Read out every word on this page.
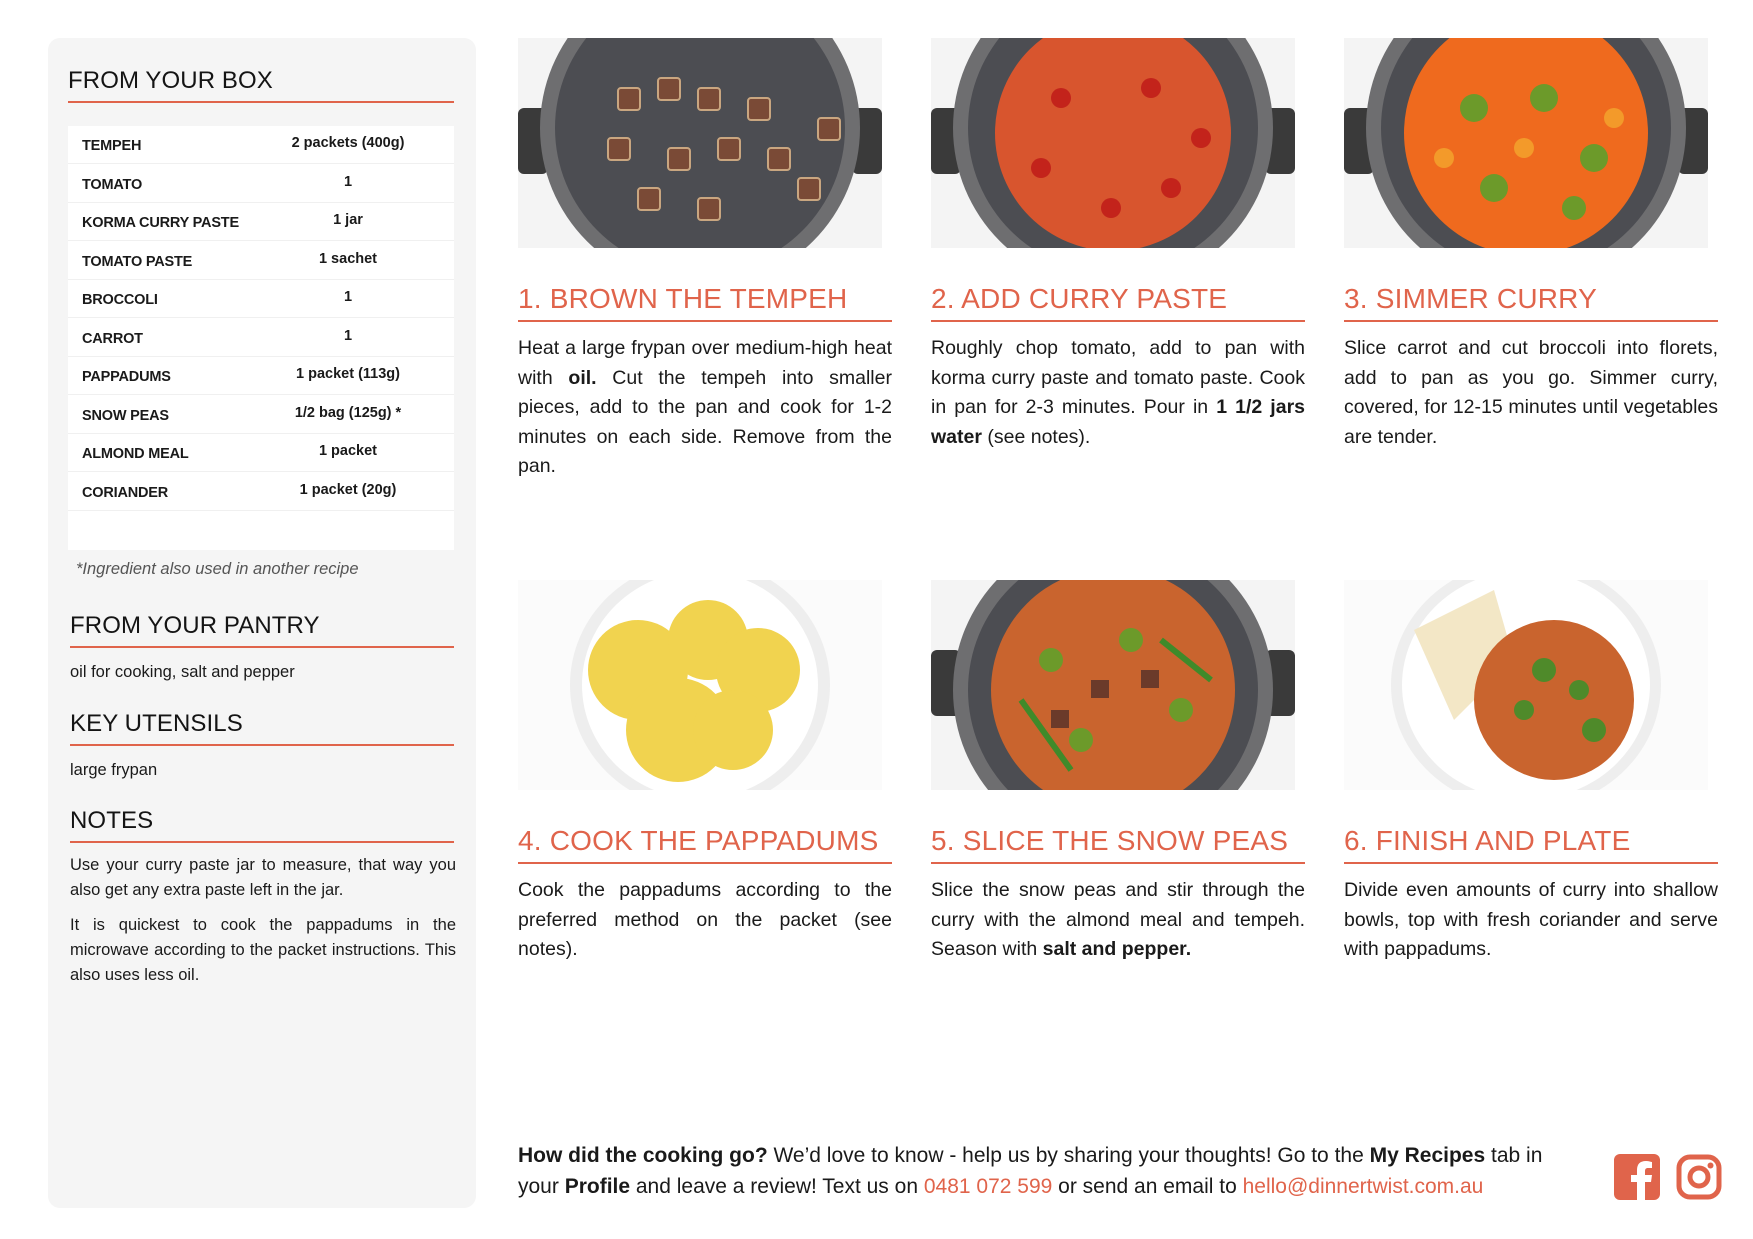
FROM YOUR BOX
TEMPEH	2 packets (400g)
TOMATO	1
KORMA CURRY PASTE	1 jar
TOMATO PASTE	1 sachet
BROCCOLI	1
CARROT	1
PAPPADUMS	1 packet (113g)
SNOW PEAS	1/2 bag (125g) *
ALMOND MEAL	1 packet
CORIANDER	1 packet (20g)
*Ingredient also used in another recipe
FROM YOUR PANTRY
oil for cooking, salt and pepper
KEY UTENSILS
large frypan
NOTES

Use your curry paste jar to measure, that way you also get any extra paste left in the jar.

It is quickest to cook the pappadums in the microwave according to the packet instructions. This also uses less oil.

1. BROWN THE TEMPEH
Heat a large frypan over medium-high heat with oil. Cut the tempeh into smaller pieces, add to the pan and cook for 1-2 minutes on each side. Remove from the pan.
2. ADD CURRY PASTE
Roughly chop tomato, add to pan with korma curry paste and tomato paste. Cook in pan for 2-3 minutes. Pour in 1 1/2 jars water (see notes).
3. SIMMER CURRY
Slice carrot and cut broccoli into florets, add to pan as you go. Simmer curry, covered, for 12-15 minutes until vegetables are tender.
4. COOK THE PAPPADUMS
Cook the pappadums according to the preferred method on the packet (see notes).
5. SLICE THE SNOW PEAS
Slice the snow peas and stir through the curry with the almond meal and tempeh. Season with salt and pepper.
6. FINISH AND PLATE
Divide even amounts of curry into shallow bowls, top with fresh coriander and serve with pappadums.
How did the cooking go? We’d love to know - help us by sharing your thoughts! Go to the My Recipes tab in your Profile and leave a review! Text us on 0481 072 599 or send an email to hello@dinnertwist.com.au
